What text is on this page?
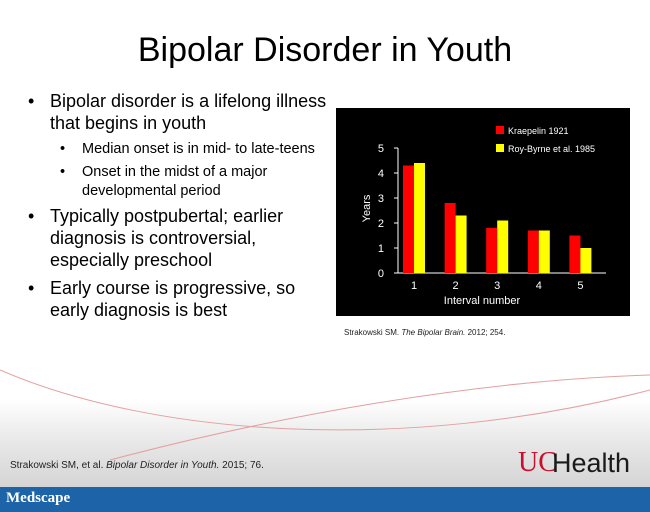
Bipolar Disorder in Youth
• Bipolar disorder is a lifelong illness that begins in youth
• Median onset is in mid- to late-teens
• Onset in the midst of a major developmental period
• Typically postpubertal; earlier diagnosis is controversial, especially preschool
• Early course is progressive, so early diagnosis is best
0
1
2
3
4
5
1	2	3	4	5
Interval number
Years
Kraepelin 1921
Roy-Byrne et al. 1985
Strakowski SM. The Bipolar Brain. 2012; 254.
Strakowski SM, et al. Bipolar Disorder in Youth. 2015; 76.	UC
Health
Medscape
